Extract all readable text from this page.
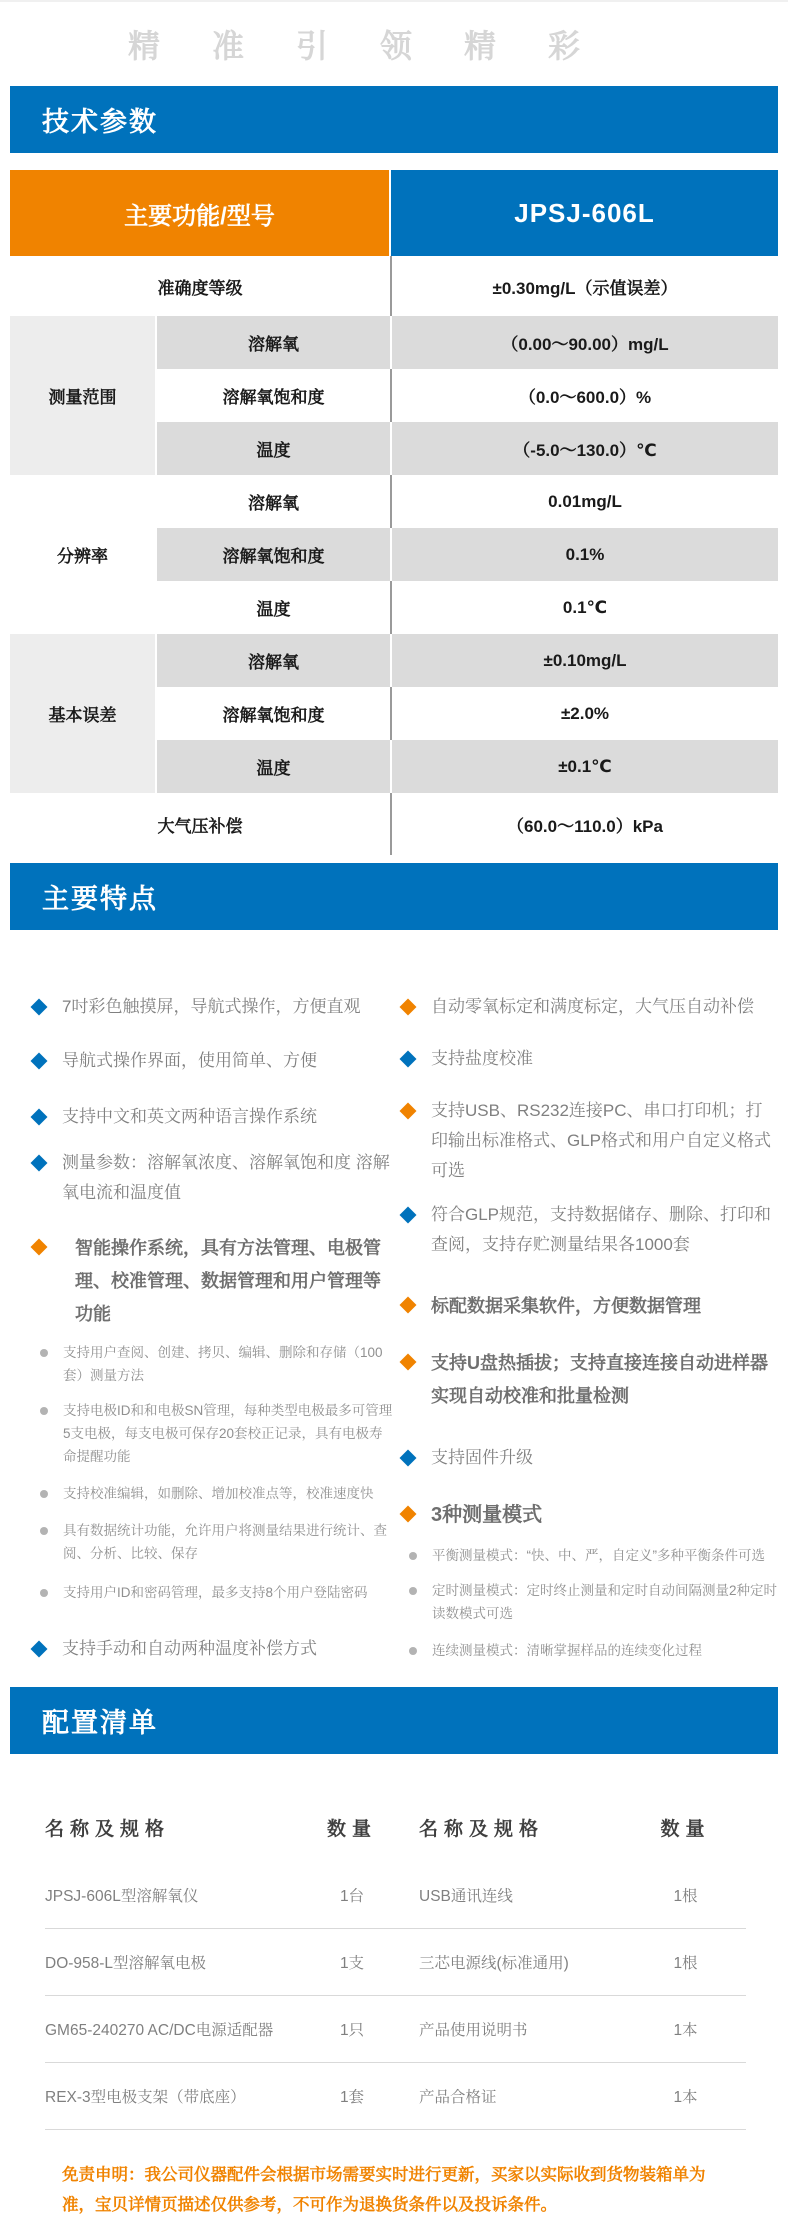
精准引领精彩
技术参数
主要功能/型号	JPSJ-606L
准确度等级	±0.30mg/L（示值误差）
测量范围
溶解氧	（0.00～90.00）mg/L
溶解氧饱和度	（0.0～600.0）%
温度	（-5.0～130.0）℃
分辨率
溶解氧	0.01mg/L
溶解氧饱和度	0.1%
温度	0.1℃
基本误差
溶解氧	±0.10mg/L
溶解氧饱和度	±2.0%
温度	±0.1℃
大气压补偿	（60.0～110.0）kPa
主要特点

7吋彩色触摸屏，导航式操作，方便直观

导航式操作界面，使用简单、方便

支持中文和英文两种语言操作系统

测量参数：溶解氧浓度、溶解氧饱和度 溶解氧电流和温度值

智能操作系统，具有方法管理、电极管理、校准管理、数据管理和用户管理等功能

支持用户查阅、创建、拷贝、编辑、删除和存储（100套）测量方法

支持电极ID和和电极SN管理，每种类型电极最多可管理5支电极，每支电极可保存20套校正记录，具有电极寿命提醒功能

支持校准编辑，如删除、增加校准点等，校准速度快

具有数据统计功能，允许用户将测量结果进行统计、查阅、分析、比较、保存

支持用户ID和密码管理，最多支持8个用户登陆密码

支持手动和自动两种温度补偿方式

自动零氧标定和满度标定，大气压自动补偿

支持盐度校准

支持USB、RS232连接PC、串口打印机；打印输出标准格式、GLP格式和用户自定义格式可选

符合GLP规范，支持数据储存、删除、打印和查阅，支持存贮测量结果各1000套

标配数据采集软件，方便数据管理

支持U盘热插拔；支持直接连接自动进样器实现自动校准和批量检测

支持固件升级

3种测量模式

平衡测量模式：“快、中、严，自定义”多种平衡条件可选

定时测量模式：定时终止测量和定时自动间隔测量2种定时读数模式可选

连续测量模式：清晰掌握样品的连续变化过程

配置清单
名称及规格	数量	名称及规格	数量
JPSJ-606L型溶解氧仪	1台	USB通讯连线	1根
DO-958-L型溶解氧电极	1支	三芯电源线(标准通用)	1根
GM65-240270 AC/DC电源适配器	1只	产品使用说明书	1本
REX-3型电极支架（带底座）	1套	产品合格证	1本
免责申明：我公司仪器配件会根据市场需要实时进行更新，买家以实际收到货物装箱单为准，宝贝详情页描述仅供参考，不可作为退换货条件以及投诉条件。
